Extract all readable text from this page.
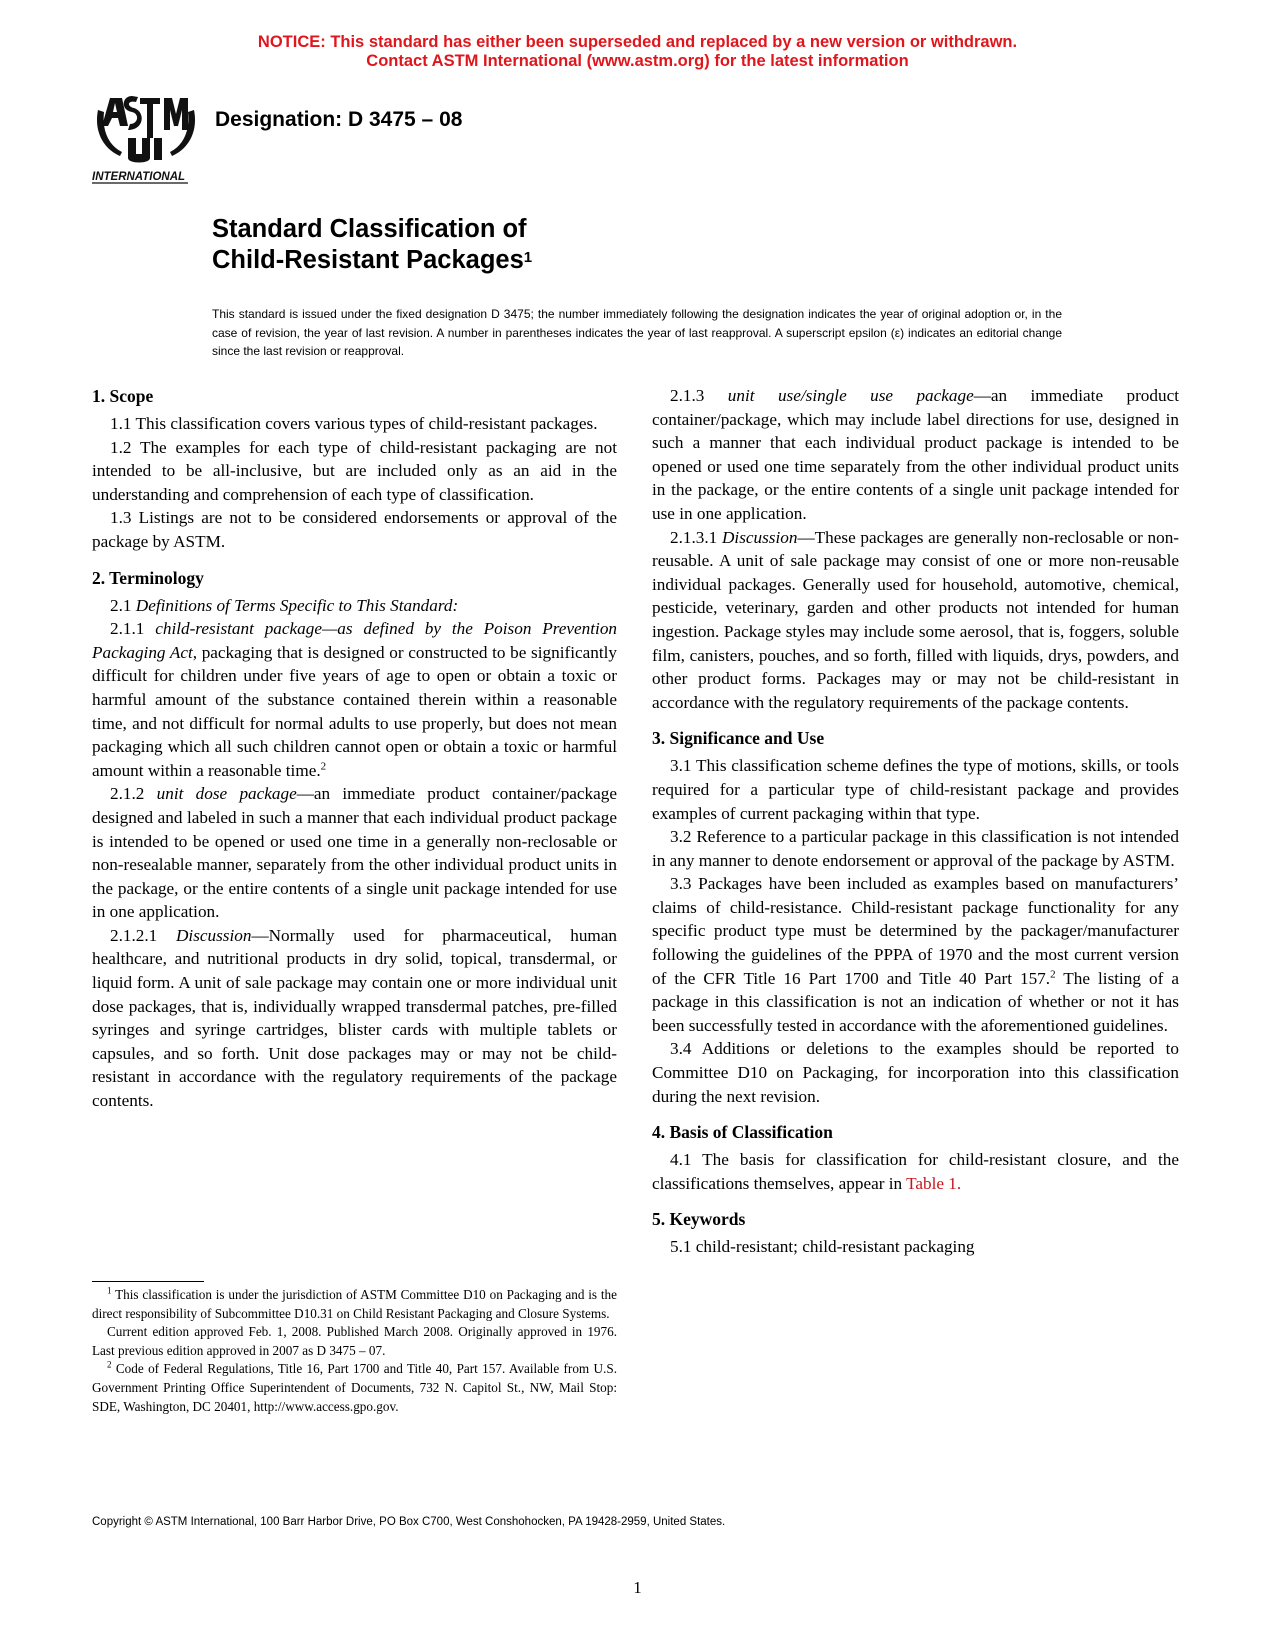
NOTICE: This standard has either been superseded and replaced by a new version or withdrawn.
Contact ASTM International (www.astm.org) for the latest information
INTERNATIONAL
Designation: D 3475 – 08
Standard Classification of
Child-Resistant Packages$^1$
This standard is issued under the fixed designation D 3475; the number immediately following the designation indicates the year of original adoption or, in the case of revision, the year of last revision. A number in parentheses indicates the year of last reapproval. A superscript epsilon (ε) indicates an editorial change since the last revision or reapproval.
1. Scope

1.1 This classification covers various types of child-resistant packages.

1.2 The examples for each type of child-resistant packaging are not intended to be all-inclusive, but are included only as an aid in the understanding and comprehension of each type of classification.

1.3 Listings are not to be considered endorsements or approval of the package by ASTM.

2. Terminology

2.1 Definitions of Terms Specific to This Standard:

2.1.1 child-resistant package—as defined by the Poison Prevention Packaging Act, packaging that is designed or constructed to be significantly difficult for children under five years of age to open or obtain a toxic or harmful amount of the substance contained therein within a reasonable time, and not difficult for normal adults to use properly, but does not mean packaging which all such children cannot open or obtain a toxic or harmful amount within a reasonable time.$^2$

2.1.2 unit dose package—an immediate product container/package designed and labeled in such a manner that each individual product package is intended to be opened or used one time in a generally non-reclosable or non-resealable manner, separately from the other individual product units in the package, or the entire contents of a single unit package intended for use in one application.

2.1.2.1 Discussion—Normally used for pharmaceutical, human healthcare, and nutritional products in dry solid, topical, transdermal, or liquid form. A unit of sale package may contain one or more individual unit dose packages, that is, individually wrapped transdermal patches, pre-filled syringes and syringe cartridges, blister cards with multiple tablets or capsules, and so forth. Unit dose packages may or may not be child-resistant in accordance with the regulatory requirements of the package contents.

$^1$ This classification is under the jurisdiction of ASTM Committee D10 on Packaging and is the direct responsibility of Subcommittee D10.31 on Child Resistant Packaging and Closure Systems.

Current edition approved Feb. 1, 2008. Published March 2008. Originally approved in 1976. Last previous edition approved in 2007 as D 3475 – 07.

$^2$ Code of Federal Regulations, Title 16, Part 1700 and Title 40, Part 157. Available from U.S. Government Printing Office Superintendent of Documents, 732 N. Capitol St., NW, Mail Stop: SDE, Washington, DC 20401, http://www.access.gpo.gov.

2.1.3 unit use/single use package—an immediate product container/package, which may include label directions for use, designed in such a manner that each individual product package is intended to be opened or used one time separately from the other individual product units in the package, or the entire contents of a single unit package intended for use in one application.

2.1.3.1 Discussion—These packages are generally non-reclosable or non-reusable. A unit of sale package may consist of one or more non-reusable individual packages. Generally used for household, automotive, chemical, pesticide, veterinary, garden and other products not intended for human ingestion. Package styles may include some aerosol, that is, foggers, soluble film, canisters, pouches, and so forth, filled with liquids, drys, powders, and other product forms. Packages may or may not be child-resistant in accordance with the regulatory requirements of the package contents.

3. Significance and Use

3.1 This classification scheme defines the type of motions, skills, or tools required for a particular type of child-resistant package and provides examples of current packaging within that type.

3.2 Reference to a particular package in this classification is not intended in any manner to denote endorsement or approval of the package by ASTM.

3.3 Packages have been included as examples based on manufacturers’ claims of child-resistance. Child-resistant package functionality for any specific product type must be determined by the packager/manufacturer following the guidelines of the PPPA of 1970 and the most current version of the CFR Title 16 Part 1700 and Title 40 Part 157.$^2$ The listing of a package in this classification is not an indication of whether or not it has been successfully tested in accordance with the aforementioned guidelines.

3.4 Additions or deletions to the examples should be reported to Committee D10 on Packaging, for incorporation into this classification during the next revision.

4. Basis of Classification

4.1 The basis for classification for child-resistant closure, and the classifications themselves, appear in Table 1.

5. Keywords

5.1 child-resistant; child-resistant packaging

Copyright © ASTM International, 100 Barr Harbor Drive, PO Box C700, West Conshohocken, PA 19428-2959, United States.
1
